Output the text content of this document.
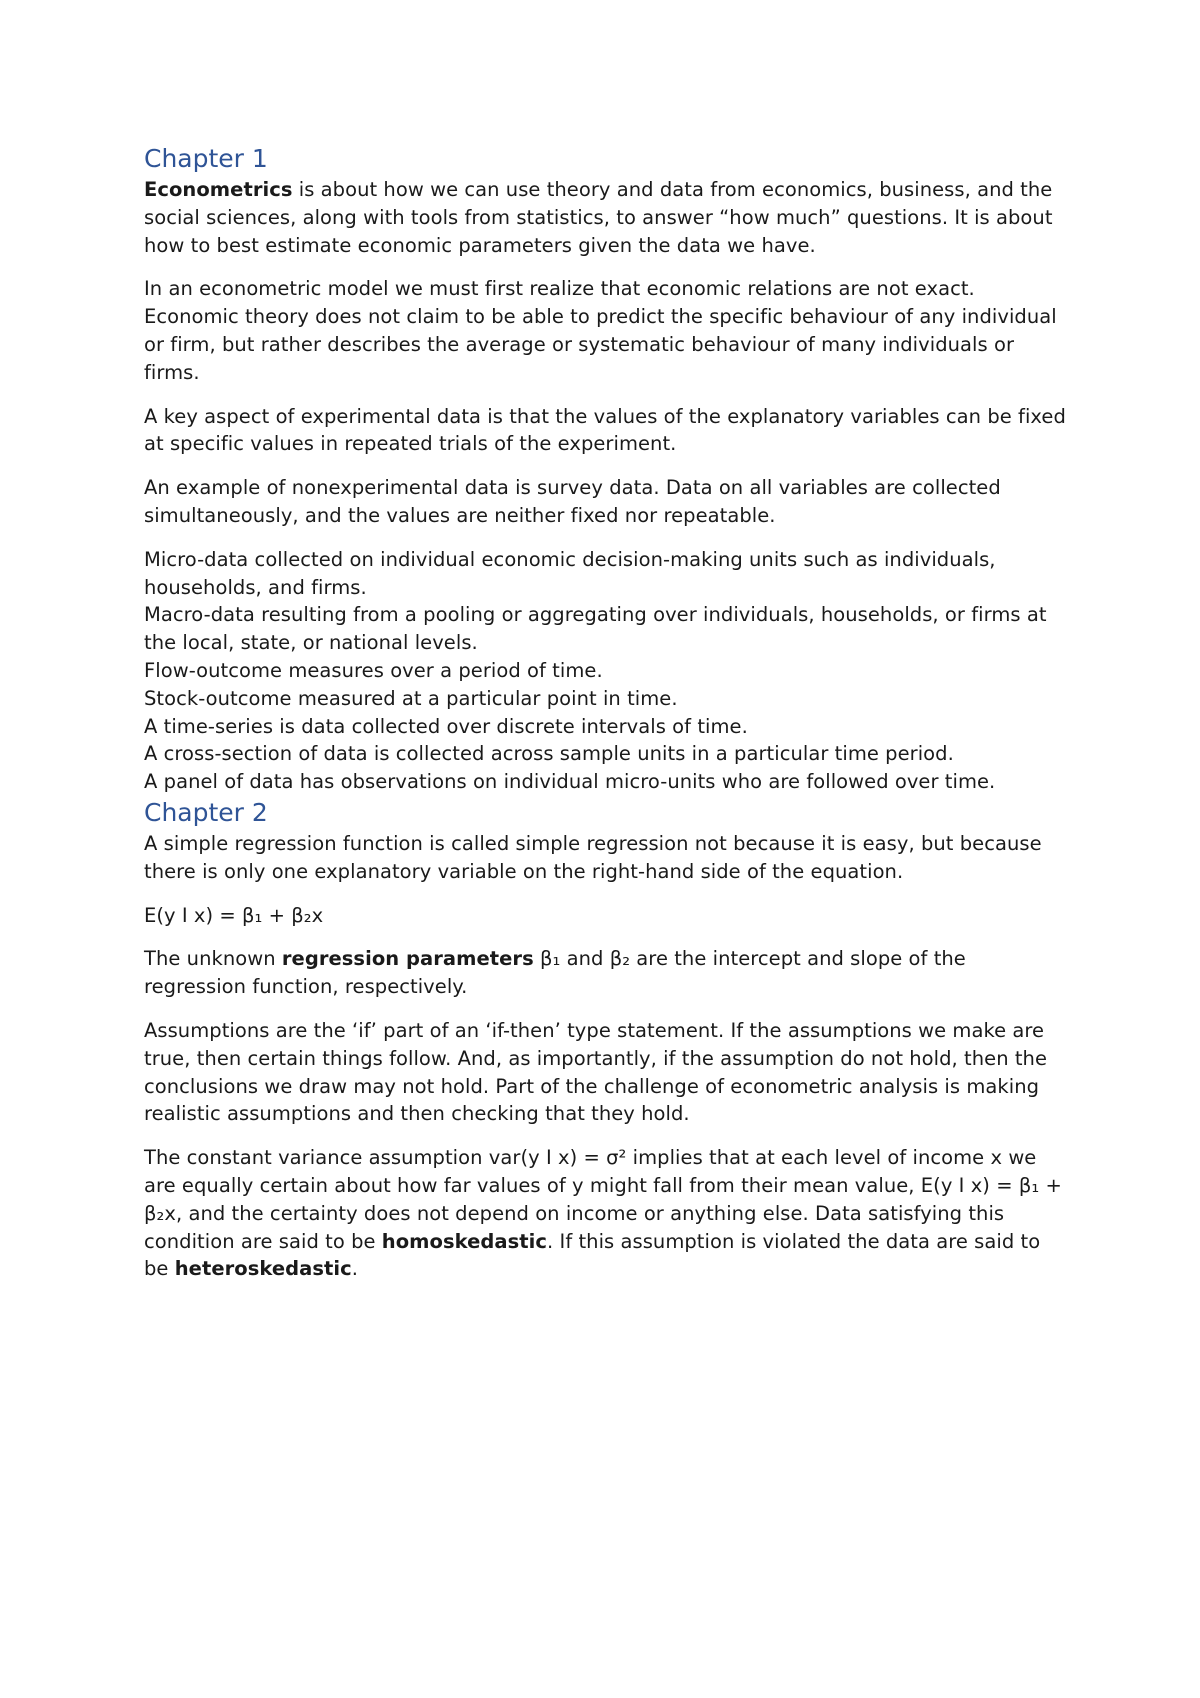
Chapter 1

Econometrics is about how we can use theory and data from economics, business, and the social sciences, along with tools from statistics, to answer “how much” questions. It is about how to best estimate economic parameters given the data we have.

In an econometric model we must first realize that economic relations are not exact. Economic theory does not claim to be able to predict the specific behaviour of any individual or firm, but rather describes the average or systematic behaviour of many individuals or firms.

A key aspect of experimental data is that the values of the explanatory variables can be fixed at specific values in repeated trials of the experiment.

An example of nonexperimental data is survey data. Data on all variables are collected simultaneously, and the values are neither fixed nor repeatable.

Micro-data collected on individual economic decision-making units such as individuals, households, and firms.

Macro-data resulting from a pooling or aggregating over individuals, households, or firms at the local, state, or national levels.

Flow-outcome measures over a period of time.

Stock-outcome measured at a particular point in time.

A time-series is data collected over discrete intervals of time.

A cross-section of data is collected across sample units in a particular time period.

A panel of data has observations on individual micro-units who are followed over time.

Chapter 2

A simple regression function is called simple regression not because it is easy, but because there is only one explanatory variable on the right-hand side of the equation.

E(y I x) = β₁ + β₂x

The unknown regression parameters β₁ and β₂ are the intercept and slope of the regression function, respectively.

Assumptions are the ‘if’ part of an ‘if-then’ type statement. If the assumptions we make are true, then certain things follow. And, as importantly, if the assumption do not hold, then the conclusions we draw may not hold. Part of the challenge of econometric analysis is making realistic assumptions and then checking that they hold.

The constant variance assumption var(y I x) = σ² implies that at each level of income x we are equally certain about how far values of y might fall from their mean value, E(y I x) = β₁ + β₂x, and the certainty does not depend on income or anything else. Data satisfying this condition are said to be homoskedastic. If this assumption is violated the data are said to be heteroskedastic.
